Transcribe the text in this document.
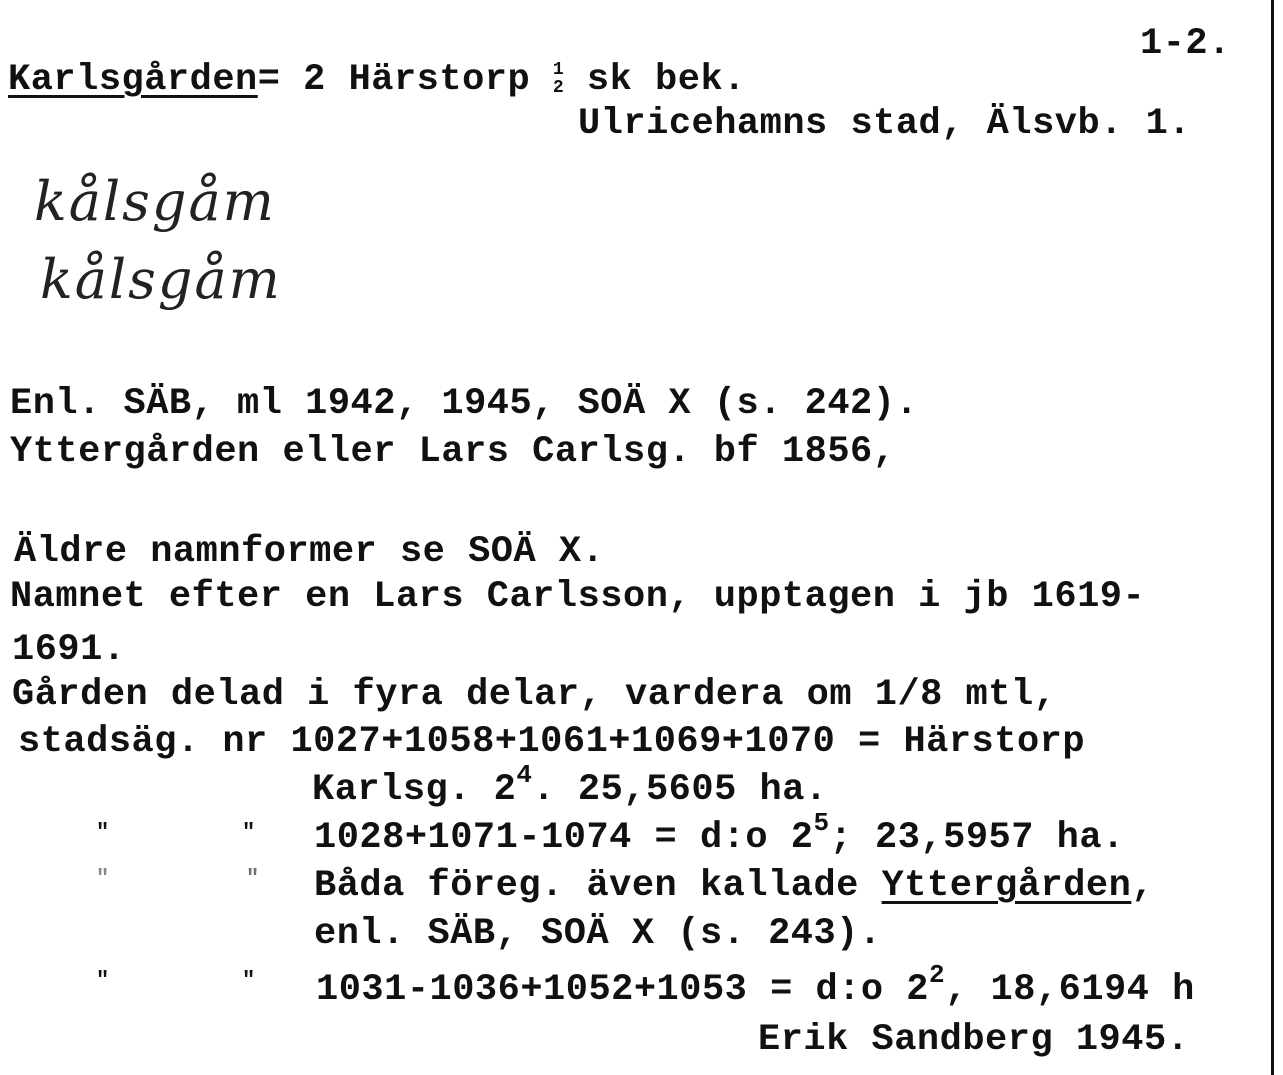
1-2.
Karlsgården= 2 Härstorp 1
2 sk bek.
Ulricehamns stad, Älsvb. 1.
kålsgåm
kålsgåm
Enl. SÄB, ml 1942, 1945, SOÄ X (s. 242).
Yttergården eller Lars Carlsg. bf 1856,
Äldre namnformer se SOÄ X.
Namnet efter en Lars Carlsson, upptagen i jb 1619-
1691.
Gården delad i fyra delar, vardera om 1/8 mtl,
stadsäg. nr 1027+1058+1061+1069+1070 = Härstorp
Karlsg. $2^4$. 25,5605 ha.
"	" 1028+1071-1074 = d:o $2^5$; 23,5957 ha.
"	" Båda föreg. även kallade Yttergården,
enl. SÄB, SOÄ X (s. 243).
"	" 1031-1036+1052+1053 = d:o $2^2$, 18,6194 h
Erik Sandberg 1945.
